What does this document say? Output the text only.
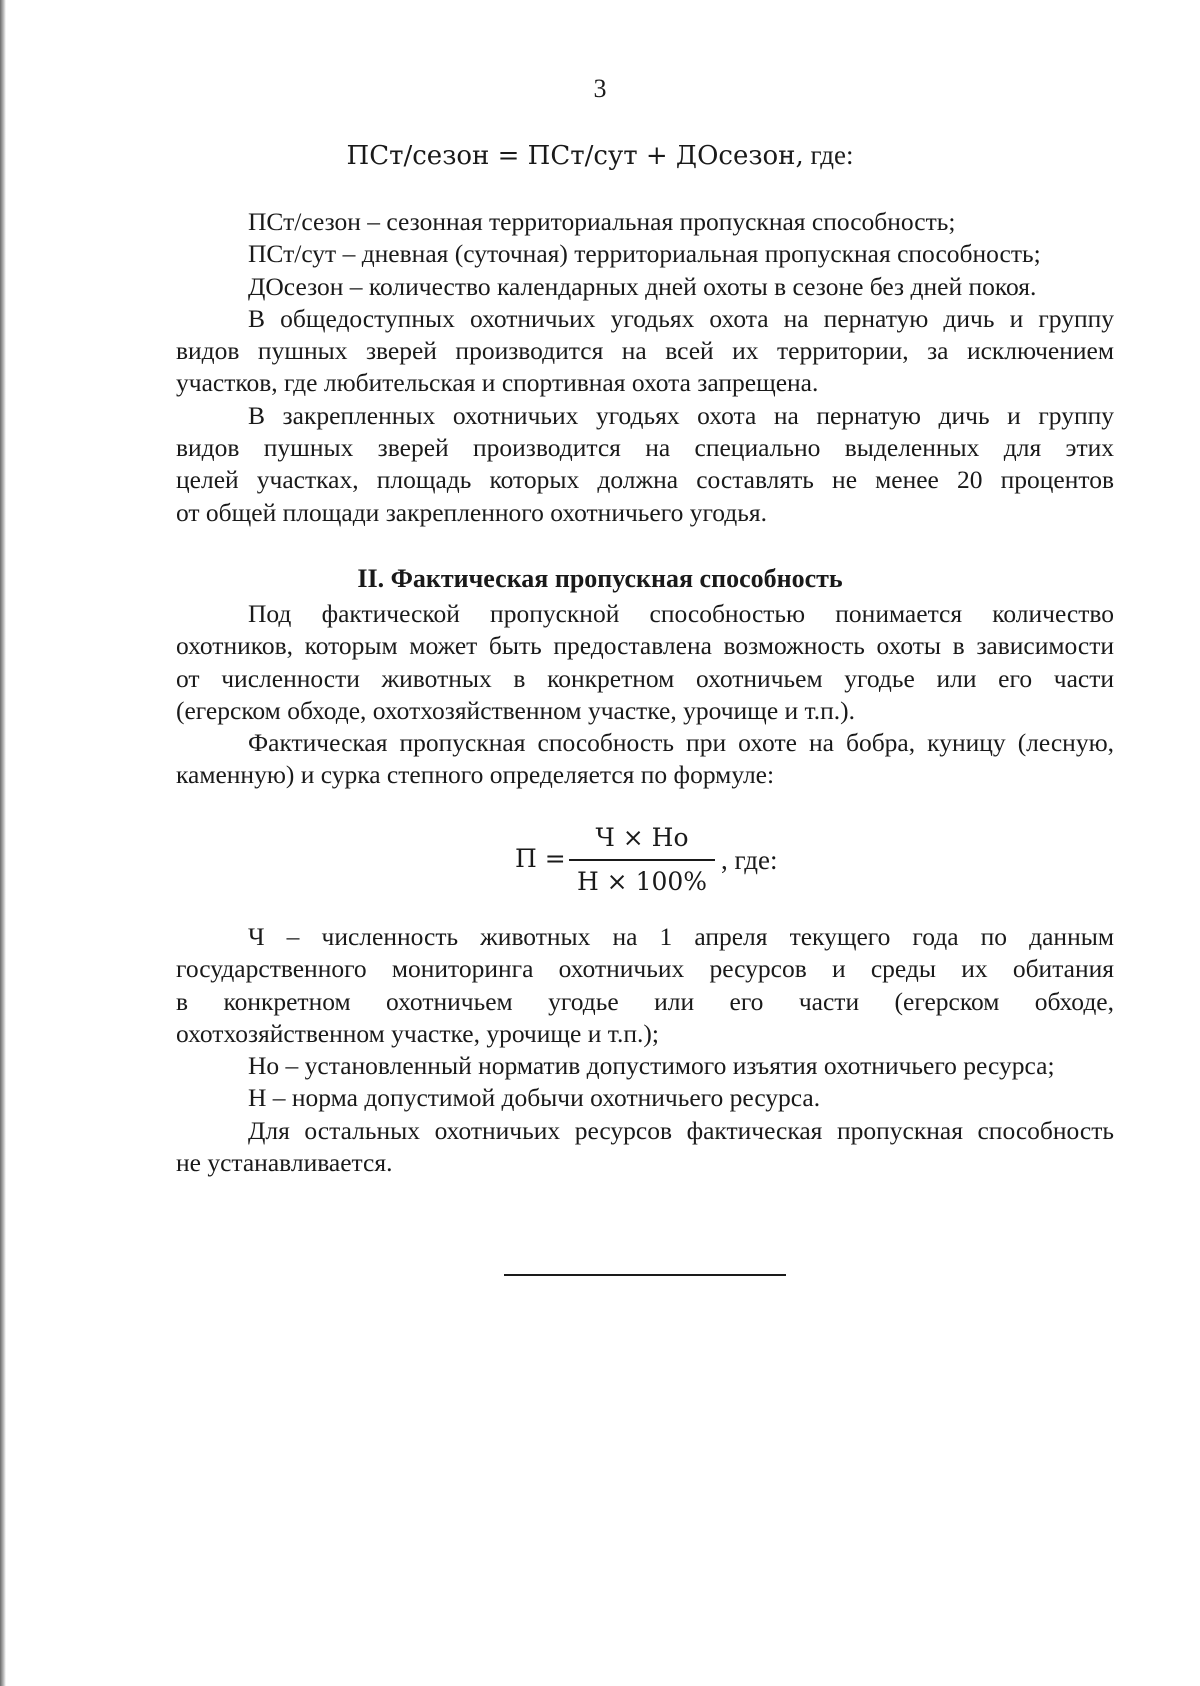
3
ПСт/сезон = ПСт/сут + ДОсезон, где:

ПСт/сезон – сезонная территориальная пропускная способность;

ПСт/сут – дневная (суточная) территориальная пропускная способность;

ДОсезон – количество календарных дней охоты в сезоне без дней покоя.

В общедоступных охотничьих угодьях охота на пернатую дичь и группу

видов пушных зверей производится на всей их территории, за исключением

участков, где любительская и спортивная охота запрещена.

В закрепленных охотничьих угодьях охота на пернатую дичь и группу

видов пушных зверей производится на специально выделенных для этих

целей участках, площадь которых должна составлять не менее 20 процентов

от общей площади закрепленного охотничьего угодья.

II. Фактическая пропускная способность

Под фактической пропускной способностью понимается количество

охотников, которым может быть предоставлена возможность охоты в зависимости

от численности животных в конкретном охотничьем угодье или его части

(егерском обходе, охотхозяйственном участке, урочище и т.п.).

Фактическая пропускная способность при охоте на бобра, куницу (лесную,

каменную) и сурка степного определяется по формуле:

П =
Ч × Но
Н × 100%
, где:

Ч – численность животных на 1 апреля текущего года по данным

государственного мониторинга охотничьих ресурсов и среды их обитания

в конкретном охотничьем угодье или его части (егерском обходе,

охотхозяйственном участке, урочище и т.п.);

Но – установленный норматив допустимого изъятия охотничьего ресурса;

Н – норма допустимой добычи охотничьего ресурса.

Для остальных охотничьих ресурсов фактическая пропускная способность

не устанавливается.
